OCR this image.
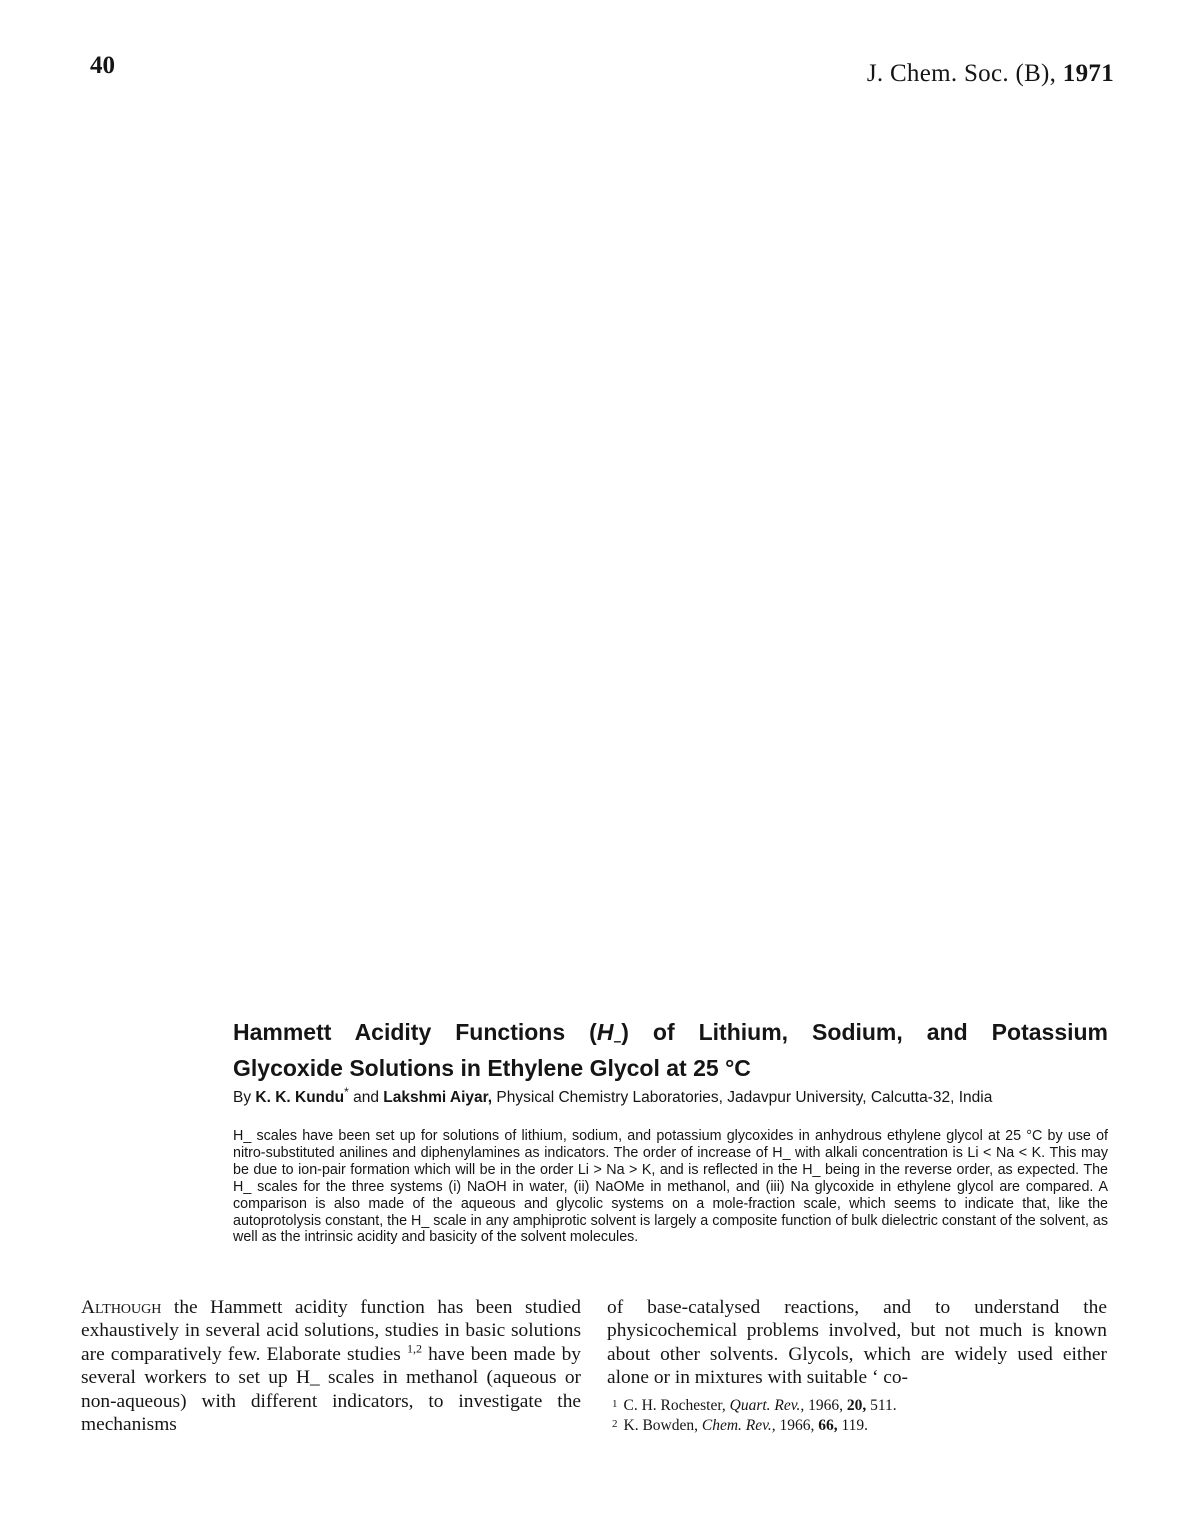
40	J. Chem. Soc. (B), 1971
Hammett Acidity Functions $(H_-)$ of Lithium, Sodium, and Potassium
Glycoxide Solutions in Ethylene Glycol at 25 °C
By K. K. Kundu* and Lakshmi Aiyar, Physical Chemistry Laboratories, Jadavpur University, Calcutta-32, India

H_ scales have been set up for solutions of lithium, sodium, and potassium glycoxides in anhydrous ethylene glycol at 25 °C by use of nitro-substituted anilines and diphenylamines as indicators. The order of increase of H_ with alkali concentration is Li < Na < K. This may be due to ion-pair formation which will be in the order Li > Na > K, and is reflected in the H_ being in the reverse order, as expected. The H_ scales for the three systems (i) NaOH in water, (ii) NaOMe in methanol, and (iii) Na glycoxide in ethylene glycol are compared. A comparison is also made of the aqueous and glycolic systems on a mole-fraction scale, which seems to indicate that, like the autoprotolysis constant, the H_ scale in any amphiprotic solvent is largely a composite function of bulk dielectric constant of the solvent, as well as the intrinsic acidity and basicity of the solvent molecules.

Although the Hammett acidity function has been studied exhaustively in several acid solutions, studies in basic solutions are comparatively few. Elaborate studies $^{1,2}$ have been made by several workers to set up H_ scales in methanol (aqueous or non-aqueous) with different indicators, to investigate the mechanisms

of base-catalysed reactions, and to understand the physicochemical problems involved, but not much is known about other solvents. Glycols, which are widely used either alone or in mixtures with suitable ‘ co-

1 C. H. Rochester, Quart. Rev., 1966, 20, 511.
2 K. Bowden, Chem. Rev., 1966, 66, 119.
